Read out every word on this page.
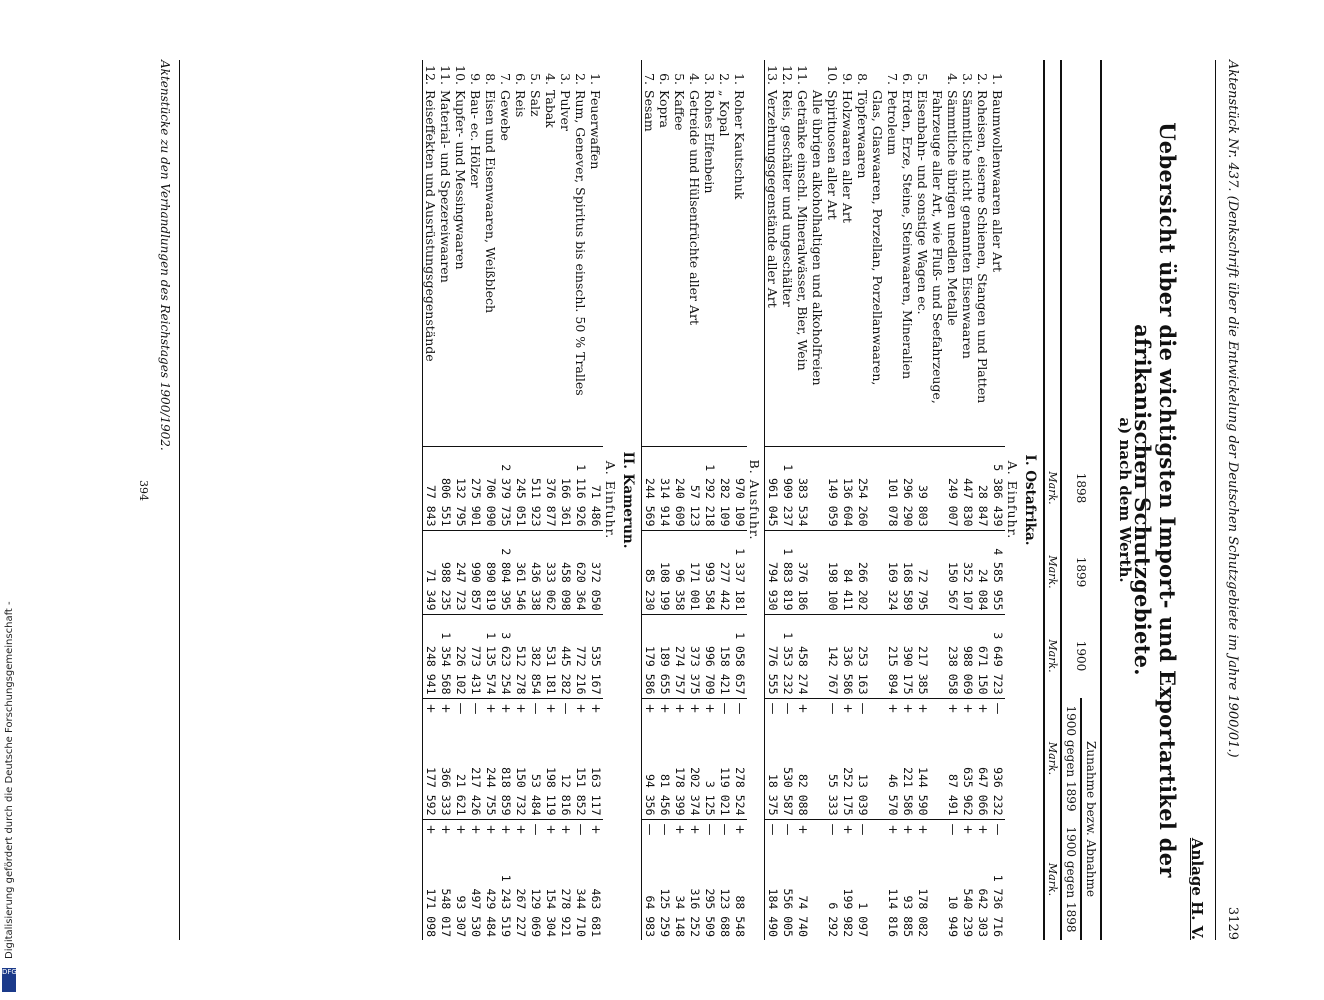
Aktenstück Nr. 437. (Denkschrift über die Entwickelung der Deutschen Schutzgebiete im Jahre 1900/01.)
3129
Anlage H. V.
Uebersicht über die wichtigsten Import- und Exportartikel der afrikanischen Schutzgebiete.
a) nach dem Werth.
		1898	1899	1900	Zunahme bezw. Abnahme			
					1900 gegen 1899		1900 gegen 1898	
		Mark.	Mark.	Mark.	Mark.		Mark.	
I. Ostafrika.								
A. Einfuhr.								
1.	Baumwollenwaaren aller Art	5 386 439	4 585 955	3 649 723	—	936 232	—	1 736 716
2.	Roheisen, eiserne Schienen, Stangen und Platten	28 847	24 084	671 150	+	647 066	+	642 303
3.	Sämmtliche nicht genannten Eisenwaaren	447 830	352 107	988 069	+	635 962	+	540 239
4.	Sämmtliche übrigen unedlen Metalle	249 007	150 567	238 058	+	87 491	—	10 949
5.	Fahrzeuge aller Art, wie Fluß- und Seefahrzeuge, Eisenbahn- und sonstige Wagen ec.	39 803	72 795	217 385	+	144 590	+	178 082
6.	Erden, Erze, Steine, Steinwaaren, Mineralien	296 290	168 589	390 175	+	221 586	+	93 885
7.	Petroleum	101 078	169 324	215 894	+	46 570	+	114 816
8.	Glas, Glaswaaren, Porzellan, Porzellanwaaren, Töpferwaaren	254 260	266 202	253 163	—	13 039	—	1 097
9.	Holzwaaren aller Art	136 604	84 411	336 586	+	252 175	+	199 982
10.	Spirituosen aller Art	149 059	198 100	142 767	—	55 333	—	6 292
11.	Alle übrigen alkoholhaltigen und alkoholfreien Getränke einschl. Mineralwässer, Bier, Wein	383 534	376 186	458 274	+	82 088	+	74 740
12.	Reis, geschälter und ungeschälter	1 909 237	1 883 819	1 353 232	—	530 587	—	556 005
13.	Verzehrungsgegenstände aller Art	961 045	794 930	776 555	—	18 375	—	184 490
B. Ausfuhr.								
1.	Roher Kautschuk	970 109	1 337 181	1 058 657	—	278 524	+	88 548
2.	„ Kopal	282 109	277 442	158 421	—	119 021	—	123 688
3.	Rohes Elfenbein	1 292 218	993 584	996 709	+	3 125	—	295 509
4.	Getreide und Hülsenfrüchte aller Art	57 123	171 001	373 375	+	202 374	+	316 252
5.	Kaffee	240 609	96 358	274 757	+	178 399	+	34 148
6.	Kopra	314 914	108 199	189 655	+	81 456	—	125 259
7.	Sesam	244 569	85 230	179 586	+	94 356	—	64 983
II. Kamerun.								
A. Einfuhr.								
1.	Feuerwaffen	71 486	372 050	535 167	+	163 117	+	463 681
2.	Rum, Genever, Spiritus bis einschl. 50 % Tralles	1 116 926	620 364	772 216	+	151 852	—	344 710
3.	Pulver	166 361	458 098	445 282	—	12 816	+	278 921
4.	Tabak	376 877	333 062	531 181	+	198 119	+	154 304
5.	Salz	511 923	436 338	382 854	—	53 484	—	129 069
6.	Reis	245 051	361 546	512 278	+	150 732	+	267 227
7.	Gewebe	2 379 735	2 804 395	3 623 254	+	818 859	+	1 243 519
8.	Eisen und Eisenwaaren, Weißblech	706 090	890 819	1 135 574	+	244 755	+	429 484
9.	Bau- ec. Hölzer	275 901	990 857	773 431	—	217 426	+	497 530
10.	Kupfer- und Messingwaaren	132 795	247 723	226 102	—	21 621	+	93 307
11.	Material- und Spezereiwaaren	806 551	988 235	1 354 568	+	366 333	+	548 017
12.	Reiseffekten und Ausrüstungsgegenstände	77 843	71 349	248 941	+	177 592	+	171 098
Aktenstücke zu den Verhandlungen des Reichstages 1900/1902.
394
Digitalisierung gefördert durch die Deutsche Forschungsgemeinschaft -
DFG
